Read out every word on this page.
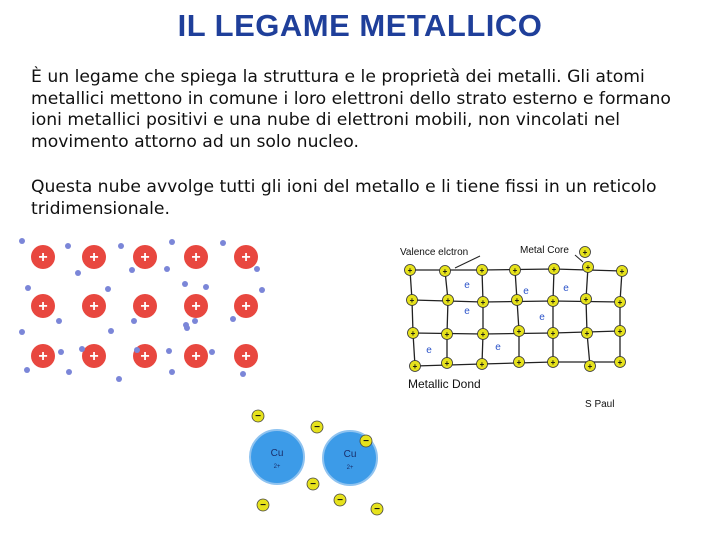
IL LEGAME METALLICO

È un legame che spiega la struttura e le proprietà dei metalli. Gli atomi metallici mettono in comune i loro elettroni dello strato esterno e formano ioni metallici positivi e una nube di elettroni mobili, non vincolati nel movimento attorno ad un solo nucleo.

Questa nube avvolge tutti gli ioni del metallo e li tiene fissi in un reticolo tridimensionale.

+	+	+	+	+
+	+	+	+	+
+	+	+	+	+
+	+	+	+	+	+	+
+
+	+	+	+	+	+	+
+	+	+	+	+	+	+
+	+	+	+	+	+	+
e
e	e
e
e
e	e
Valence elctron	Metal Core
Metallic Dond
S Paul
Cu
2+
Cu
2+
−
−
−
−
−	−
−
